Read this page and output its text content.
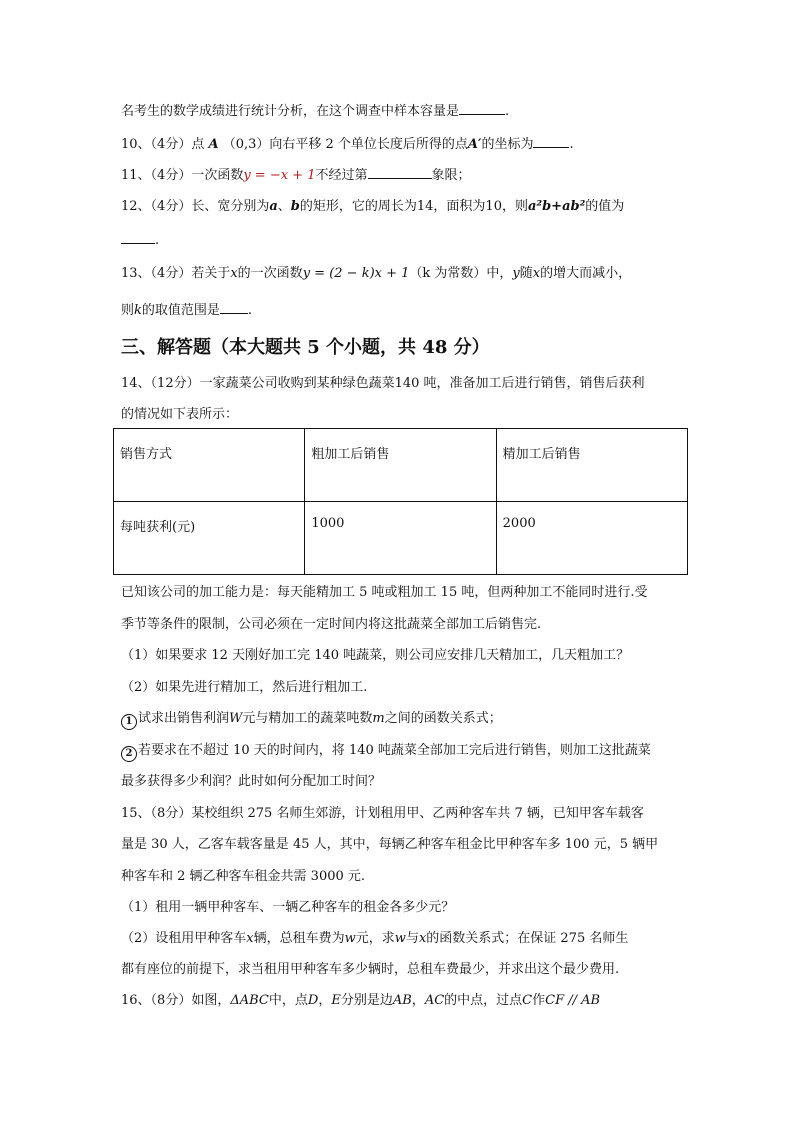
名考生的数学成绩进行统计分析，在这个调查中样本容量是	.
10、（4分）点 A （0,3）向右平移 2 个单位长度后所得的点A′的坐标为	.
11、（4分）一次函数y = −x + 1不经过第	象限；
12、（4分）长、宽分别为a、b的矩形，它的周长为14，面积为10，则a²b+ab²的值为
.
13、（4分）若关于x的一次函数y = (2 − k)x + 1（k 为常数）中，y随x的增大而减小，
则k的取值范围是 .
三、解答题（本大题共 5 个小题，共 48 分）
14、（12分）一家蔬菜公司收购到某种绿色蔬菜140 吨，准备加工后进行销售，销售后获利
的情况如下表所示：
销售方式	粗加工后销售	精加工后销售
每吨获利(元)	1000	2000
已知该公司的加工能力是：每天能精加工 5 吨或粗加工 15 吨，但两种加工不能同时进行.受
季节等条件的限制，公司必须在一定时间内将这批蔬菜全部加工后销售完.
（1）如果要求 12 天刚好加工完 140 吨蔬菜，则公司应安排几天精加工，几天粗加工？
（2）如果先进行精加工，然后进行粗加工.
1 试求出销售利润W元与精加工的蔬菜吨数m之间的函数关系式；
2 若要求在不超过 10 天的时间内，将 140 吨蔬菜全部加工完后进行销售，则加工这批蔬菜
最多获得多少利润？此时如何分配加工时间？
15、（8分）某校组织 275 名师生郊游，计划租用甲、乙两种客车共 7 辆，已知甲客车载客
量是 30 人，乙客车载客量是 45 人，其中，每辆乙种客车租金比甲种客车多 100 元，5 辆甲
种客车和 2 辆乙种客车租金共需 3000 元.
（1）租用一辆甲种客车、一辆乙种客车的租金各多少元？
（2）设租用甲种客车x辆，总租车费为w元，求w与x的函数关系式；在保证 275 名师生
都有座位的前提下，求当租用甲种客车多少辆时，总租车费最少，并求出这个最少费用.
16、（8分）如图，ΔABC中，点D，E分别是边AB，AC的中点，过点C作CF // AB
